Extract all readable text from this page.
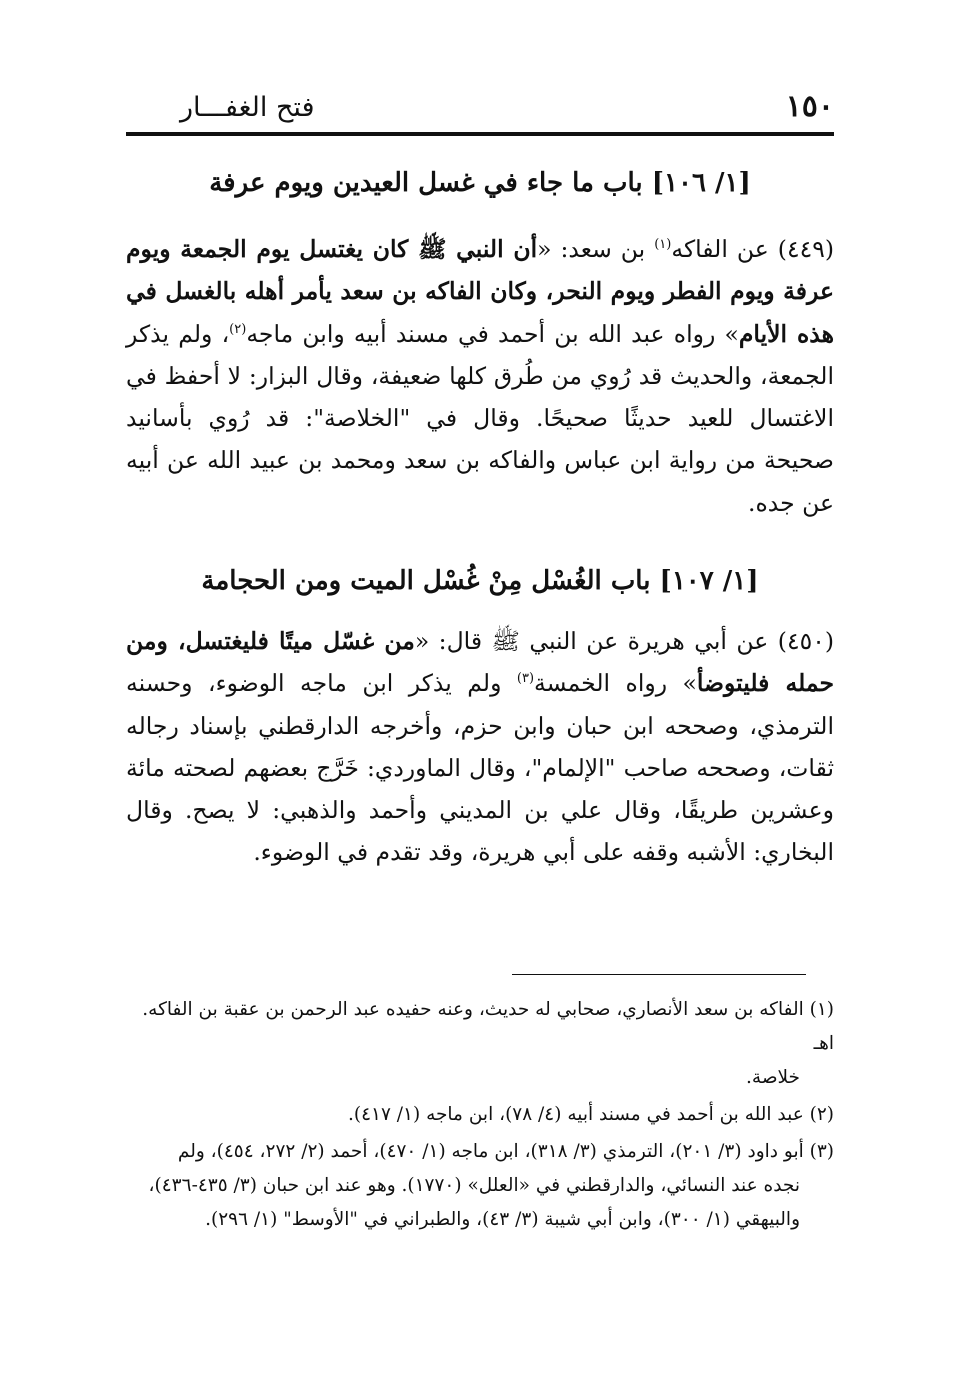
١٥٠
فتح الغفـــار
[١/ ١٠٦] باب ما جاء في غسل العيدين ويوم عرفة
(٤٤٩) عن الفاكه$^{(١)}$ بن سعد: «أن النبي ﷺ كان يغتسل يوم الجمعة ويوم عرفة ويوم الفطر ويوم النحر، وكان الفاكه بن سعد يأمر أهله بالغسل في هذه الأيام» رواه عبد الله بن أحمد في مسند أبيه وابن ماجه$^{(٢)}$، ولم يذكر الجمعة، والحديث قد رُوي من طُرق كلها ضعيفة، وقال البزار: لا أحفظ في الاغتسال للعيد حديثًا صحيحًا. وقال في "الخلاصة": قد رُوي بأسانيد صحيحة من رواية ابن عباس والفاكه بن سعد ومحمد بن عبيد الله عن أبيه عن جده.
[١/ ١٠٧] باب الغُسْل مِنْ غُسْل الميت ومن الحجامة
(٤٥٠) عن أبي هريرة عن النبي ﷺ قال: «من غسّل ميتًا فليغتسل، ومن حمله فليتوضأ» رواه الخمسة$^{(٣)}$ ولم يذكر ابن ماجه الوضوء، وحسنه الترمذي، وصححه ابن حبان وابن حزم، وأخرجه الدارقطني بإسناد رجاله ثقات، وصححه صاحب "الإلمام"، وقال الماوردي: خَرَّج بعضهم لصحته مائة وعشرين طريقًا، وقال علي بن المديني وأحمد والذهبي: لا يصح. وقال البخاري: الأشبه وقفه على أبي هريرة، وقد تقدم في الوضوء.
(١) الفاكه بن سعد الأنصاري، صحابي له حديث، وعنه حفيده عبد الرحمن بن عقبة بن الفاكه. اهـ
خلاصة.
(٢) عبد الله بن أحمد في مسند أبيه (٤/ ٧٨)، ابن ماجه (١/ ٤١٧).
(٣) أبو داود (٣/ ٢٠١)، الترمذي (٣/ ٣١٨)، ابن ماجه (١/ ٤٧٠)، أحمد (٢/ ٢٧٢، ٤٥٤)، ولم
نجده عند النسائي، والدارقطني في «العلل» (١٧٧٠). وهو عند ابن حبان (٣/ ٤٣٥-٤٣٦)، والبيهقي (١/ ٣٠٠)، وابن أبي شيبة (٣/ ٤٣)، والطبراني في "الأوسط" (١/ ٢٩٦).
